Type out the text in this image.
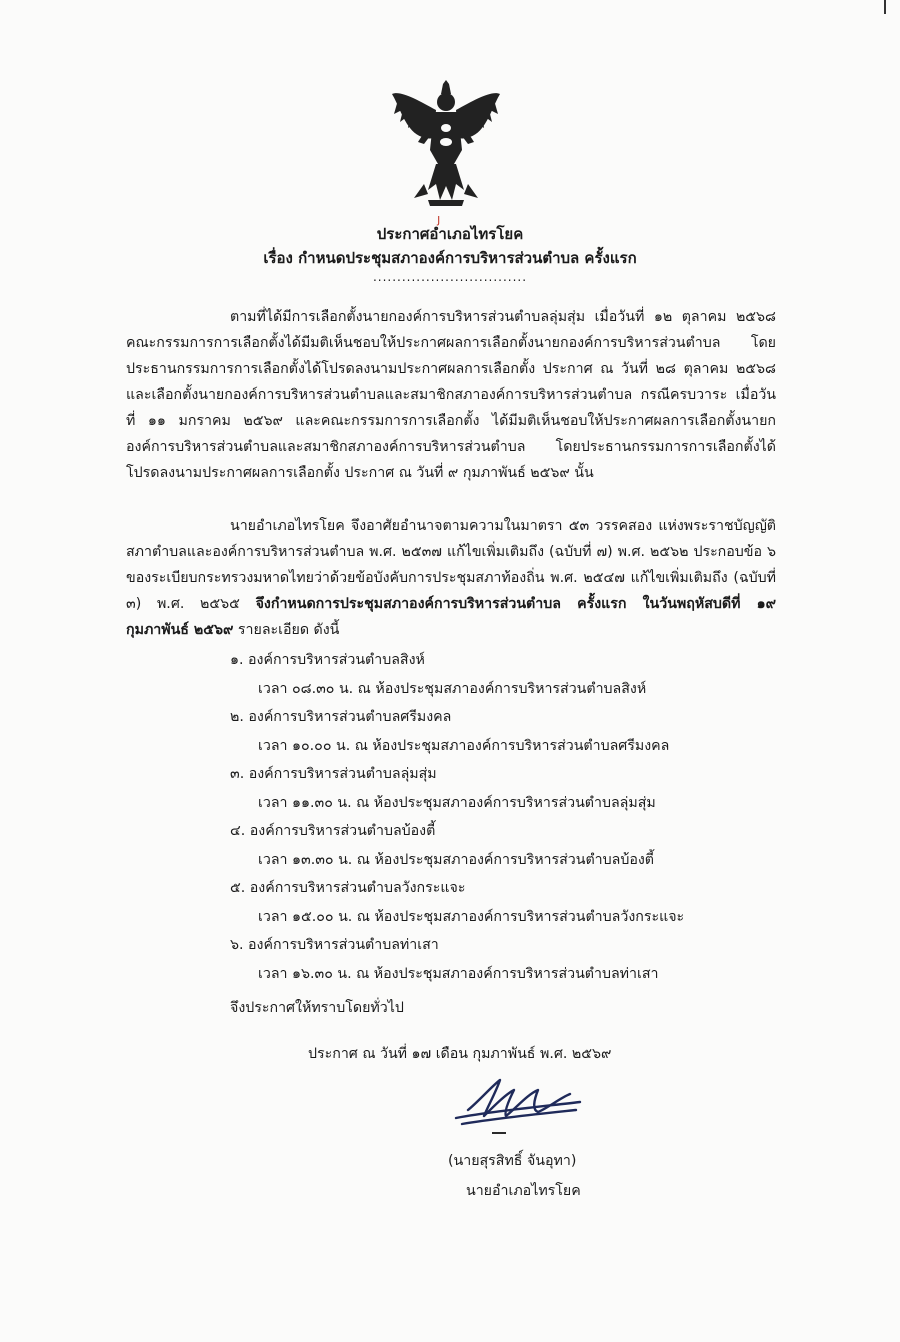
ȷ
ประกาศอำเภอไทรโยค
เรื่อง กำหนดประชุมสภาองค์การบริหารส่วนตำบล ครั้งแรก
................................
ตามที่ได้มีการเลือกตั้งนายกองค์การบริหารส่วนตำบลลุ่มสุ่ม เมื่อวันที่ ๑๒ ตุลาคม ๒๕๖๘ คณะกรรมการการเลือกตั้งได้มีมติเห็นชอบให้ประกาศผลการเลือกตั้งนายกองค์การบริหารส่วนตำบล โดยประธานกรรมการการเลือกตั้งได้โปรดลงนามประกาศผลการเลือกตั้ง ประกาศ ณ วันที่ ๒๘ ตุลาคม ๒๕๖๘ และเลือกตั้งนายกองค์การบริหารส่วนตำบลและสมาชิกสภาองค์การบริหารส่วนตำบล กรณีครบวาระ เมื่อวันที่ ๑๑ มกราคม ๒๕๖๙ และคณะกรรมการการเลือกตั้ง ได้มีมติเห็นชอบให้ประกาศผลการเลือกตั้งนายกองค์การบริหารส่วนตำบลและสมาชิกสภาองค์การบริหารส่วนตำบล โดยประธานกรรมการการเลือกตั้งได้โปรดลงนามประกาศผลการเลือกตั้ง ประกาศ ณ วันที่ ๙ กุมภาพันธ์ ๒๕๖๙ นั้น
นายอำเภอไทรโยค จึงอาศัยอำนาจตามความในมาตรา ๕๓ วรรคสอง แห่งพระราชบัญญัติสภาตำบลและองค์การบริหารส่วนตำบล พ.ศ. ๒๕๓๗ แก้ไขเพิ่มเติมถึง (ฉบับที่ ๗) พ.ศ. ๒๕๖๒ ประกอบข้อ ๖ ของระเบียบกระทรวงมหาดไทยว่าด้วยข้อบังคับการประชุมสภาท้องถิ่น พ.ศ. ๒๕๔๗ แก้ไขเพิ่มเติมถึง (ฉบับที่ ๓) พ.ศ. ๒๕๖๕ จึงกำหนดการประชุมสภาองค์การบริหารส่วนตำบล ครั้งแรก ในวันพฤหัสบดีที่ ๑๙ กุมภาพันธ์ ๒๕๖๙ รายละเอียด ดังนี้
๑. องค์การบริหารส่วนตำบลสิงห์
เวลา ๐๘.๓๐ น. ณ ห้องประชุมสภาองค์การบริหารส่วนตำบลสิงห์
๒. องค์การบริหารส่วนตำบลศรีมงคล
เวลา ๑๐.๐๐ น. ณ ห้องประชุมสภาองค์การบริหารส่วนตำบลศรีมงคล
๓. องค์การบริหารส่วนตำบลลุ่มสุ่ม
เวลา ๑๑.๓๐ น. ณ ห้องประชุมสภาองค์การบริหารส่วนตำบลลุ่มสุ่ม
๔. องค์การบริหารส่วนตำบลบ้องตี้
เวลา ๑๓.๓๐ น. ณ ห้องประชุมสภาองค์การบริหารส่วนตำบลบ้องตี้
๕. องค์การบริหารส่วนตำบลวังกระแจะ
เวลา ๑๕.๐๐ น. ณ ห้องประชุมสภาองค์การบริหารส่วนตำบลวังกระแจะ
๖. องค์การบริหารส่วนตำบลท่าเสา
เวลา ๑๖.๓๐ น. ณ ห้องประชุมสภาองค์การบริหารส่วนตำบลท่าเสา
จึงประกาศให้ทราบโดยทั่วไป
ประกาศ ณ วันที่ ๑๗ เดือน กุมภาพันธ์ พ.ศ. ๒๕๖๙
(นายสุรสิทธิ์ จันอุทา)
นายอำเภอไทรโยค
